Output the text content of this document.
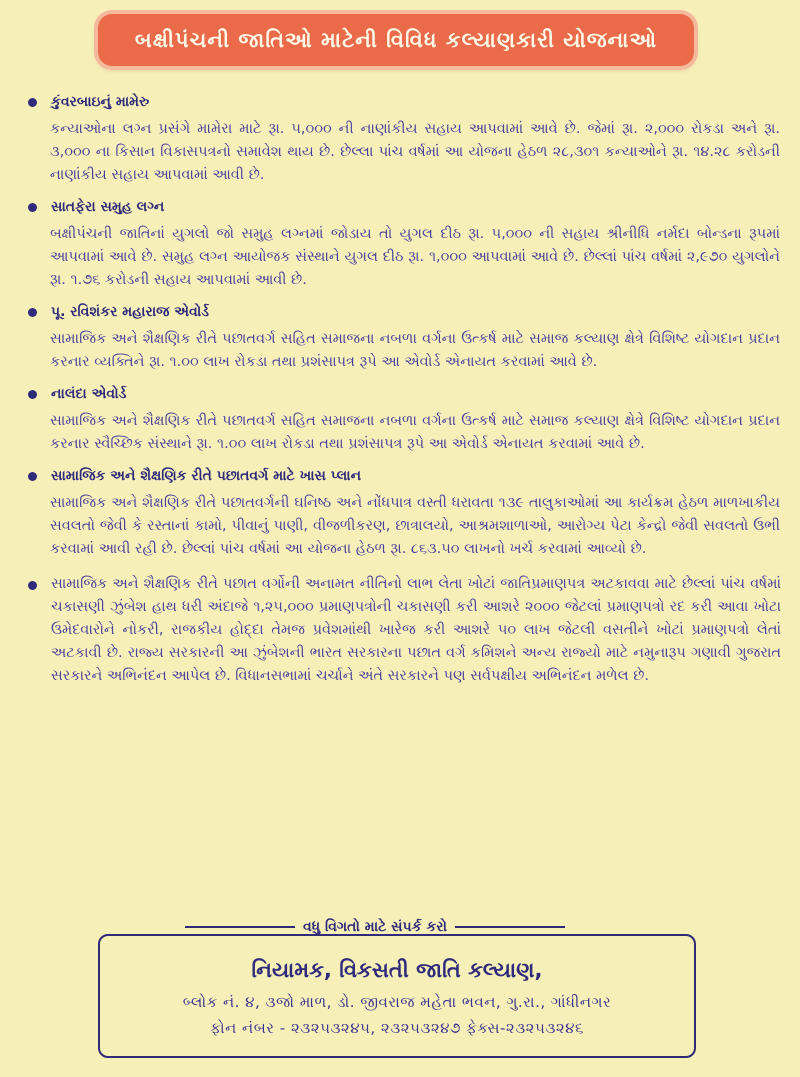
બક્ષીપંચની જાતિઓ માટેની વિવિધ કલ્યાણકારી યોજનાઓ
કુંવરબાઇનું મામેરુ
કન્યાઓના લગ્ન પ્રસંગે મામેરા માટે રૂા. ૫,૦૦૦ ની નાણાંકીય સહાય આપવામાં આવે છે. જેમાં રૂા. ૨,૦૦૦ રોકડા અને રૂા. ૩,૦૦૦ ના કિસાન વિકાસપત્રનો સમાવેશ થાય છે. છેલ્લા પાંચ વર્ષમાં આ યોજના હેઠળ ૨૮,૩૦૧ કન્યાઓને રૂા. ૧૪.૨૮ કરોડની નાણાંકીય સહાય આપવામાં આવી છે.
સાતફેરા સમુહ લગ્ન
બક્ષીપંચની જાતિનાં યુગલો જો સમુહ લગ્નમાં જોડાય તો યુગલ દીઠ રૂા. ૫,૦૦૦ ની સહાય શ્રીનીધિ નર્મદા બોન્ડના રૂપમાં આપવામાં આવે છે. સમુહ લગ્ન આયોજક સંસ્થાને યુગલ દીઠ રૂા. ૧,૦૦૦ આપવામાં આવે છે. છેલ્લાં પાંચ વર્ષમાં ૨,૯૭૦ યુગલોને રૂા. ૧.૭૬ કરોડની સહાય આપવામાં આવી છે.
પૂ. રવિશંકર મહારાજ એવોર્ડ
સામાજિક અને શૈક્ષણિક રીતે પછાતવર્ગ સહિત સમાજના નબળા વર્ગના ઉત્કર્ષ માટે સમાજ કલ્યાણ ક્ષેત્રે વિશિષ્ટ યોગદાન પ્રદાન કરનાર વ્યક્તિને રૂા. ૧.૦૦ લાખ રોકડા તથા પ્રશંસાપત્ર રૂપે આ એવોર્ડ એનાયત કરવામાં આવે છે.
નાલંદા એવોર્ડ
સામાજિક અને શૈક્ષણિક રીતે પછાતવર્ગ સહિત સમાજના નબળા વર્ગના ઉત્કર્ષ માટે સમાજ કલ્યાણ ક્ષેત્રે વિશિષ્ટ યોગદાન પ્રદાન કરનાર સ્વૈચ્છિક સંસ્થાને રૂા. ૧.૦૦ લાખ રોકડા તથા પ્રશંસાપત્ર રૂપે આ એવોર્ડ એનાયત કરવામાં આવે છે.
સામાજિક અને શૈક્ષણિક રીતે પછાતવર્ગ માટે ખાસ પ્લાન
સામાજિક અને શૈક્ષણિક રીતે પછાતવર્ગની ઘનિષ્ઠ અને નોંધપાત્ર વસ્તી ધરાવતા ૧૩૯ તાલુકાઓમાં આ કાર્યક્રમ હેઠળ માળખાકીય સવલતો જેવી કે રસ્તાનાં કામો, પીવાનું પાણી, વીજળીકરણ, છાત્રાલયો, આશ્રમશાળાઓ, આરોગ્ય પેટા કેન્દ્રો જેવી સવલતો ઉભી કરવામાં આવી રહી છે. છેલ્લાં પાંચ વર્ષમાં આ યોજના હેઠળ રૂા. ૮૬૩.૫૦ લાખનો ખર્ચ કરવામાં આવ્યો છે.
સામાજિક અને શૈક્ષણિક રીતે પછાત વર્ગોની અનામત નીતિનો લાભ લેતા ખોટાં જાતિપ્રમાણપત્ર અટકાવવા માટે છેલ્લાં પાંચ વર્ષમાં ચકાસણી ઝુંબેશ હાથ ધરી અંદાજે ૧,૨૫,૦૦૦ પ્રમાણપત્રોની ચકાસણી કરી આશરે ૨૦૦૦ જેટલાં પ્રમાણપત્રો રદ કરી આવા ખોટા ઉમેદવારોને નોકરી, રાજકીય હોદ્દા તેમજ પ્રવેશમાંથી ખારેજ કરી આશરે ૫૦ લાખ જેટલી વસતીને ખોટાં પ્રમાણપત્રો લેતાં અટકાવી છે. રાજ્ય સરકારની આ ઝુંબેશની ભારત સરકારના પછાત વર્ગ કમિશને અન્ય રાજ્યો માટે નમુનારૂપ ગણાવી ગુજરાત સરકારને અભિનંદન આપેલ છે. વિધાનસભામાં ચર્ચાને અંતે સરકારને પણ સર્વપક્ષીય અભિનંદન મળેલ છે.
વધુ વિગતો માટે સંપર્ક કરો
નિયામક, વિકસતી જાતિ કલ્યાણ,
બ્લોક નં. ૪, ૩જો માળ, ડો. જીવરાજ મહેતા ભવન, ગુ.રા., ગાંધીનગર
ફોન નંબર - ૨૩૨૫૩૨૪૫, ૨૩૨૫૩૨૪૭ ફેક્સ-૨૩૨૫૩૨૪૬
